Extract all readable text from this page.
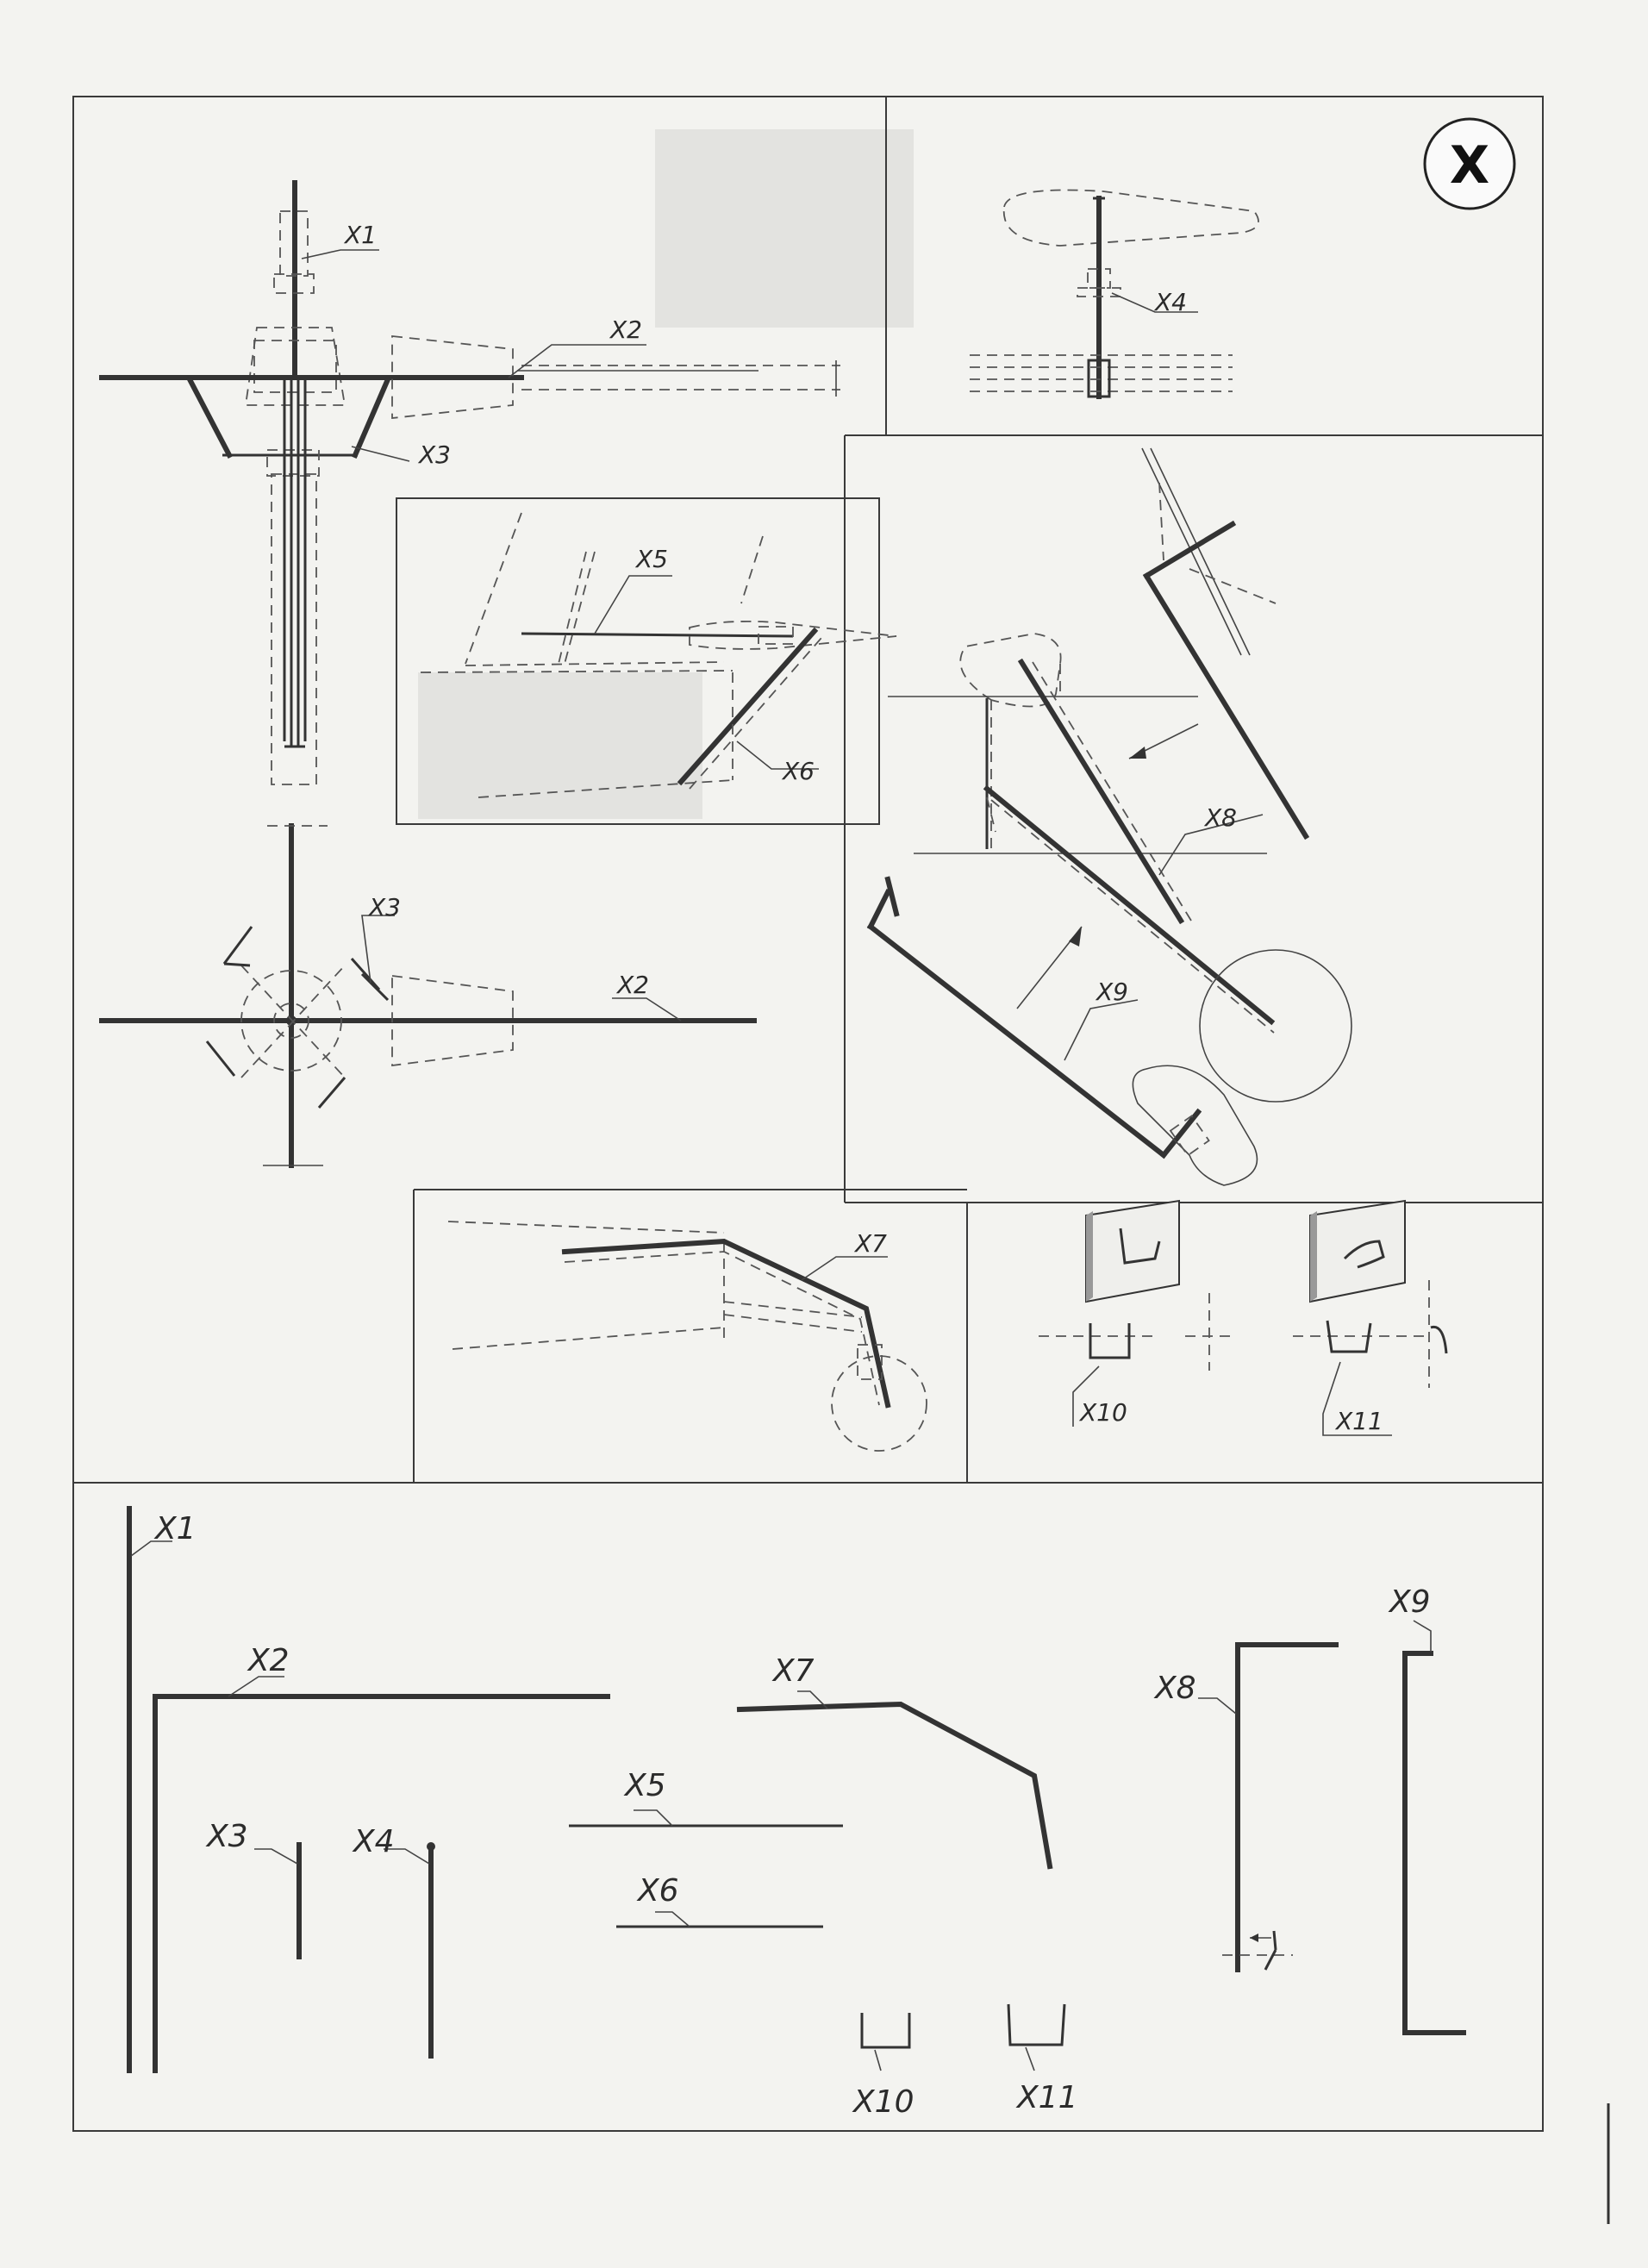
X
X1
X2
X3
X4
X5
X6
X3
X2
X8
X9
X7
X10	X11
X1
X2
X3	X4
X5
X6
X7	X8
X9
X10	X11
